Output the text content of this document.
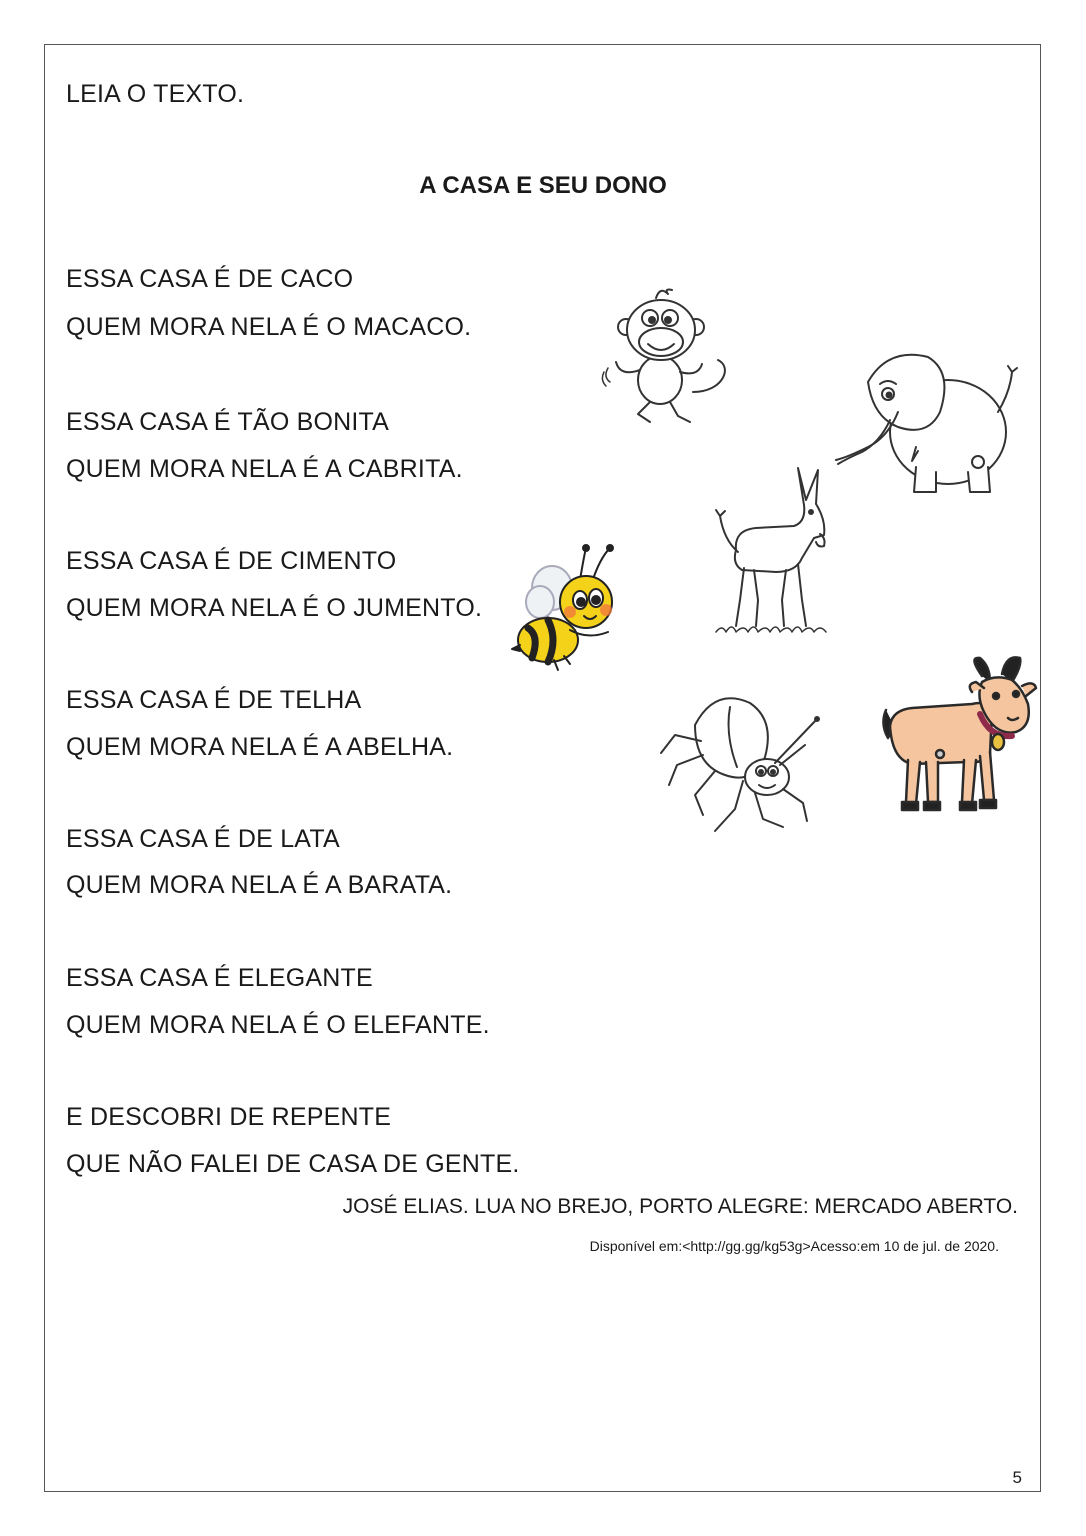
LEIA O TEXTO.
A CASA E SEU DONO
ESSA CASA É DE CACO
QUEM MORA NELA É O MACACO.
ESSA CASA É TÃO BONITA
QUEM MORA NELA É A CABRITA.
ESSA CASA É DE CIMENTO
QUEM MORA NELA É O JUMENTO.
ESSA CASA É DE TELHA
QUEM MORA NELA É A ABELHA.
ESSA CASA É DE LATA
QUEM MORA NELA É A BARATA.
ESSA CASA É ELEGANTE
QUEM MORA NELA É O ELEFANTE.
E DESCOBRI DE REPENTE
QUE NÃO FALEI DE CASA DE GENTE.
JOSÉ ELIAS. LUA NO BREJO, PORTO ALEGRE: MERCADO ABERTO.
Disponível em:<http://gg.gg/kg53g>Acesso:em 10 de jul. de 2020.
5
